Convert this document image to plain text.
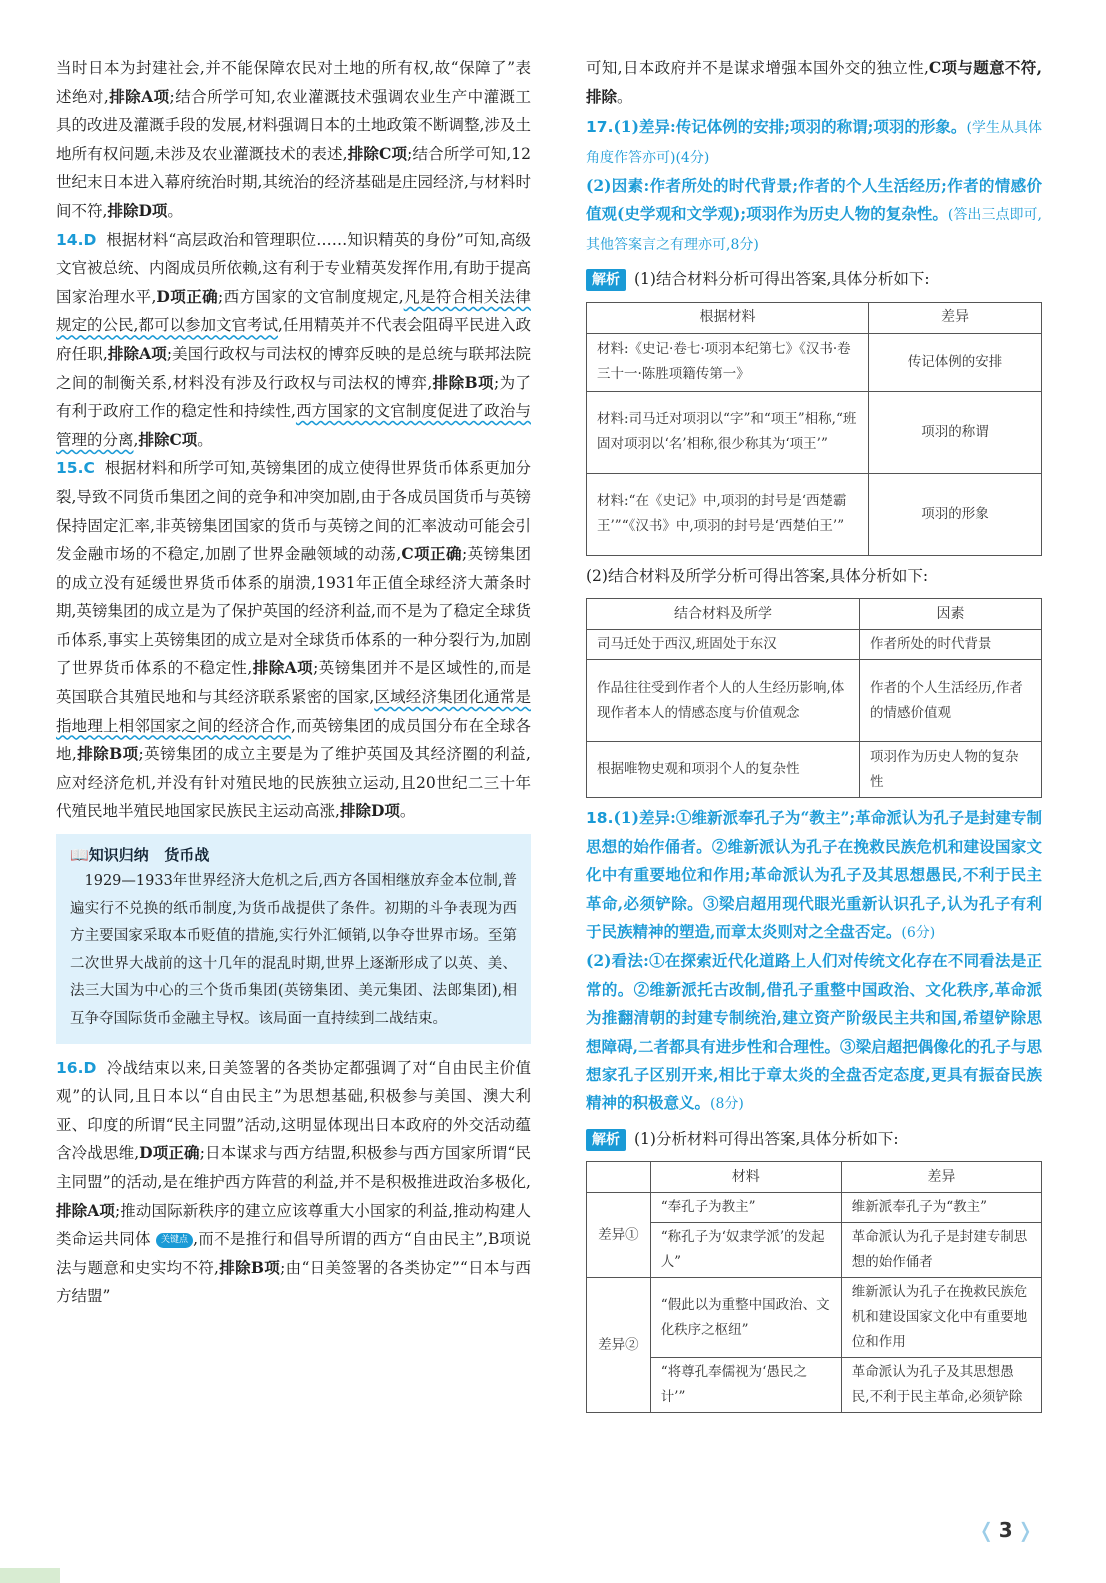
当时日本为封建社会,并不能保障农民对土地的所有权,故“保障了”表述绝对,排除A项;结合所学可知,农业灌溉技术强调农业生产中灌溉工具的改进及灌溉手段的发展,材料强调日本的土地政策不断调整,涉及土地所有权问题,未涉及农业灌溉技术的表述,排除C项;结合所学可知,12世纪末日本进入幕府统治时期,其统治的经济基础是庄园经济,与材料时间不符,排除D项。

14.D 根据材料“高层政治和管理职位……知识精英的身份”可知,高级文官被总统、内阁成员所依赖,这有利于专业精英发挥作用,有助于提高国家治理水平,D项正确;西方国家的文官制度规定,凡是符合相关法律规定的公民,都可以参加文官考试,任用精英并不代表会阻碍平民进入政府任职,排除A项;美国行政权与司法权的博弈反映的是总统与联邦法院之间的制衡关系,材料没有涉及行政权与司法权的博弈,排除B项;为了有利于政府工作的稳定性和持续性,西方国家的文官制度促进了政治与管理的分离,排除C项。

15.C 根据材料和所学可知,英镑集团的成立使得世界货币体系更加分裂,导致不同货币集团之间的竞争和冲突加剧,由于各成员国货币与英镑保持固定汇率,非英镑集团国家的货币与英镑之间的汇率波动可能会引发金融市场的不稳定,加剧了世界金融领域的动荡,C项正确;英镑集团的成立没有延缓世界货币体系的崩溃,1931年正值全球经济大萧条时期,英镑集团的成立是为了保护英国的经济利益,而不是为了稳定全球货币体系,事实上英镑集团的成立是对全球货币体系的一种分裂行为,加剧了世界货币体系的不稳定性,排除A项;英镑集团并不是区域性的,而是英国联合其殖民地和与其经济联系紧密的国家,区域经济集团化通常是指地理上相邻国家之间的经济合作,而英镑集团的成员国分布在全球各地,排除B项;英镑集团的成立主要是为了维护英国及其经济圈的利益,应对经济危机,并没有针对殖民地的民族独立运动,且20世纪二三十年代殖民地半殖民地国家民族民主运动高涨,排除D项。

📖知识归纳 货币战

1929—1933年世界经济大危机之后,西方各国相继放弃金本位制,普遍实行不兑换的纸币制度,为货币战提供了条件。初期的斗争表现为西方主要国家采取本币贬值的措施,实行外汇倾销,以争夺世界市场。至第二次世界大战前的这十几年的混乱时期,世界上逐渐形成了以英、美、法三大国为中心的三个货币集团(英镑集团、美元集团、法郎集团),相互争夺国际货币金融主导权。该局面一直持续到二战结束。

16.D 冷战结束以来,日美签署的各类协定都强调了对“自由民主价值观”的认同,且日本以“自由民主”为思想基础,积极参与美国、澳大利亚、印度的所谓“民主同盟”活动,这明显体现出日本政府的外交活动蕴含冷战思维,D项正确;日本谋求与西方结盟,积极参与西方国家所谓“民主同盟”的活动,是在维护西方阵营的利益,并不是积极推进政治多极化,排除A项;推动国际新秩序的建立应该尊重大小国家的利益,推动构建人类命运共同体 关键点 ,而不是推行和倡导所谓的西方“自由民主”,B项说法与题意和史实均不符,排除B项;由“日美签署的各类协定”“日本与西方结盟”

可知,日本政府并不是谋求增强本国外交的独立性,C项与题意不符,排除。

17.(1)差异:传记体例的安排;项羽的称谓;项羽的形象。(学生从具体角度作答亦可)(4分)

(2)因素:作者所处的时代背景;作者的个人生活经历;作者的情感价值观(史学观和文学观);项羽作为历史人物的复杂性。(答出三点即可,其他答案言之有理亦可,8分)

解析 (1)结合材料分析可得出答案,具体分析如下:

根据材料	差异
材料:《史记·卷七·项羽本纪第七》《汉书·卷三十一·陈胜项籍传第一》	传记体例的安排
材料:司马迁对项羽以“字”和“项王”相称,“班固对项羽以‘名’相称,很少称其为‘项王’”	项羽的称谓
材料:“在《史记》中,项羽的封号是‘西楚霸王’”“《汉书》中,项羽的封号是‘西楚伯王’”	项羽的形象

(2)结合材料及所学分析可得出答案,具体分析如下:

结合材料及所学	因素
司马迁处于西汉,班固处于东汉	作者所处的时代背景
作品往往受到作者个人的人生经历影响,体现作者本人的情感态度与价值观念	作者的个人生活经历,作者的情感价值观
根据唯物史观和项羽个人的复杂性	项羽作为历史人物的复杂性

18.(1)差异:①维新派奉孔子为“教主”;革命派认为孔子是封建专制思想的始作俑者。②维新派认为孔子在挽救民族危机和建设国家文化中有重要地位和作用;革命派认为孔子及其思想愚民,不利于民主革命,必须铲除。③梁启超用现代眼光重新认识孔子,认为孔子有利于民族精神的塑造,而章太炎则对之全盘否定。(6分)

(2)看法:①在探索近代化道路上人们对传统文化存在不同看法是正常的。②维新派托古改制,借孔子重整中国政治、文化秩序,革命派为推翻清朝的封建专制统治,建立资产阶级民主共和国,希望铲除思想障碍,二者都具有进步性和合理性。③梁启超把偶像化的孔子与思想家孔子区别开来,相比于章太炎的全盘否定态度,更具有振奋民族精神的积极意义。(8分)

解析 (1)分析材料可得出答案,具体分析如下:

	材料	差异
差异①	“奉孔子为教主”	维新派奉孔子为“教主”
	“称孔子为‘奴隶学派’的发起人”	革命派认为孔子是封建专制思想的始作俑者
差异②	“假此以为重整中国政治、文化秩序之枢纽”	维新派认为孔子在挽救民族危机和建设国家文化中有重要地位和作用
	“将尊孔奉儒视为‘愚民之计’”	革命派认为孔子及其思想愚民,不利于民主革命,必须铲除
❬ 3 ❭
